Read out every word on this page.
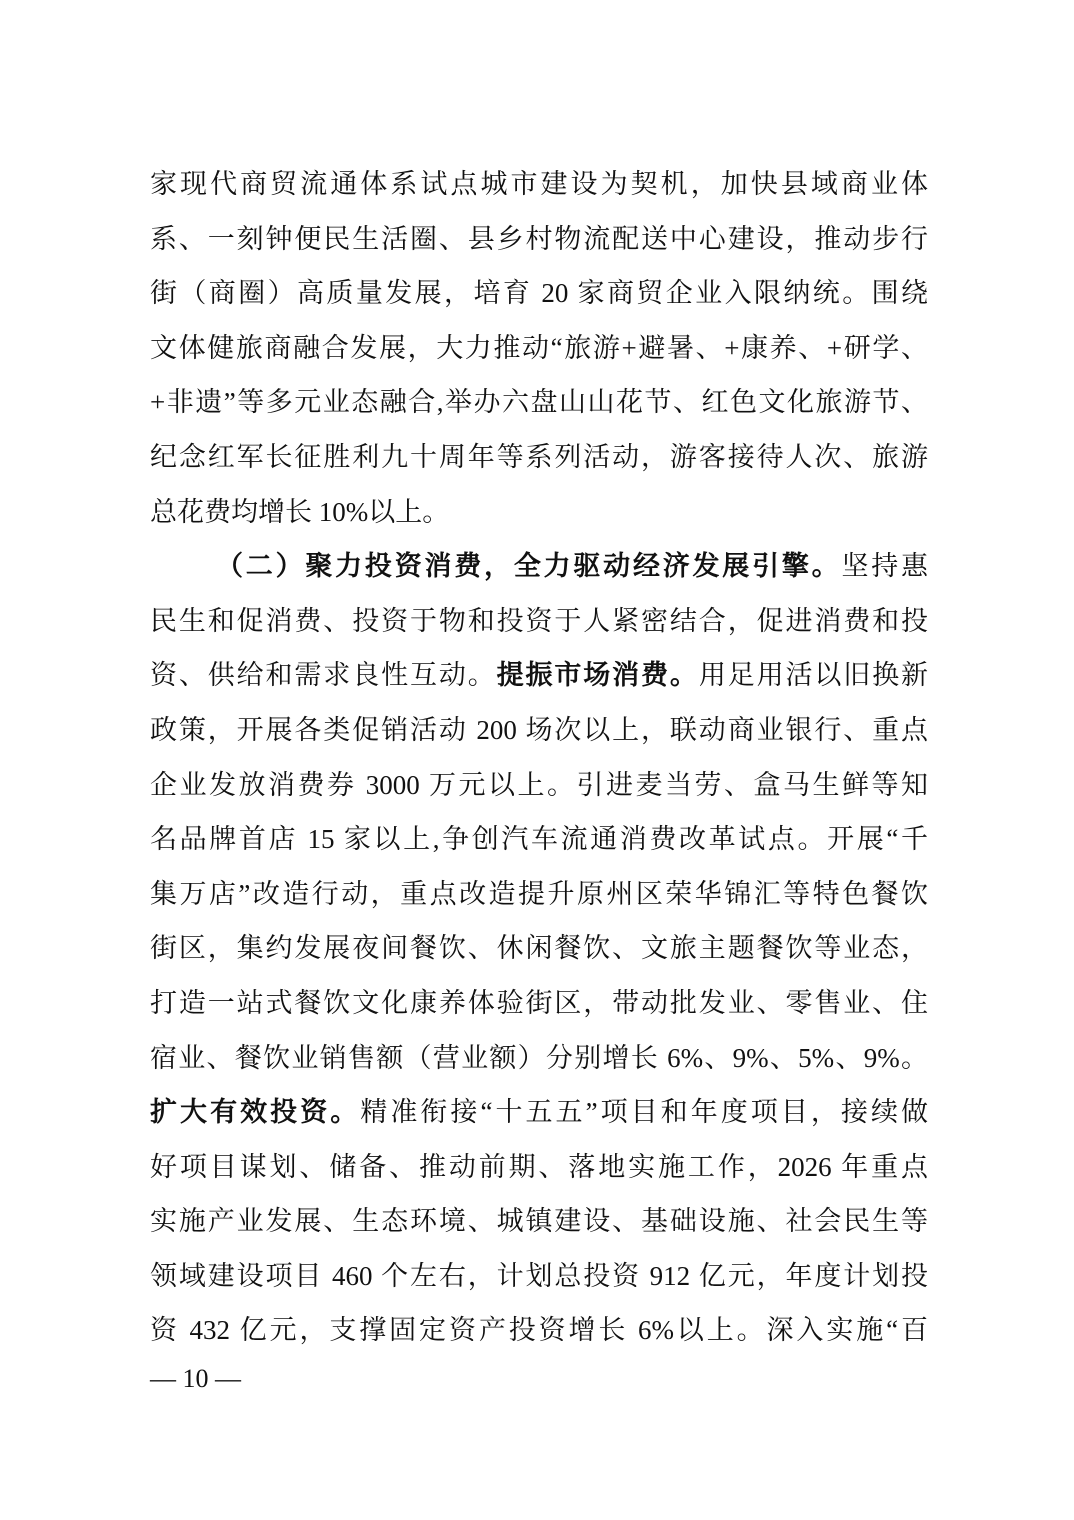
家现代商贸流通体系试点城市建设为契机，加快县域商业体
系、一刻钟便民生活圈、县乡村物流配送中心建设，推动步行
街（商圈）高质量发展，培育 20 家商贸企业入限纳统。围绕
文体健旅商融合发展，大力推动“旅游+避暑、+康养、+研学、
+非遗”等多元业态融合,举办六盘山山花节、红色文化旅游节、
纪念红军长征胜利九十周年等系列活动，游客接待人次、旅游
总花费均增长 10%以上。
（二）聚力投资消费，全力驱动经济发展引擎。坚持惠
民生和促消费、投资于物和投资于人紧密结合，促进消费和投
资、供给和需求良性互动。提振市场消费。用足用活以旧换新
政策，开展各类促销活动 200 场次以上，联动商业银行、重点
企业发放消费券 3000 万元以上。引进麦当劳、盒马生鲜等知
名品牌首店 15 家以上,争创汽车流通消费改革试点。开展“千
集万店”改造行动，重点改造提升原州区荣华锦汇等特色餐饮
街区，集约发展夜间餐饮、休闲餐饮、文旅主题餐饮等业态，
打造一站式餐饮文化康养体验街区，带动批发业、零售业、住
宿业、餐饮业销售额（营业额）分别增长 6%、9%、5%、9%。
扩大有效投资。精准衔接“十五五”项目和年度项目，接续做
好项目谋划、储备、推动前期、落地实施工作，2026 年重点
实施产业发展、生态环境、城镇建设、基础设施、社会民生等
领域建设项目 460 个左右，计划总投资 912 亿元，年度计划投
资 432 亿元，支撑固定资产投资增长 6%以上。深入实施“百
— 10 —
